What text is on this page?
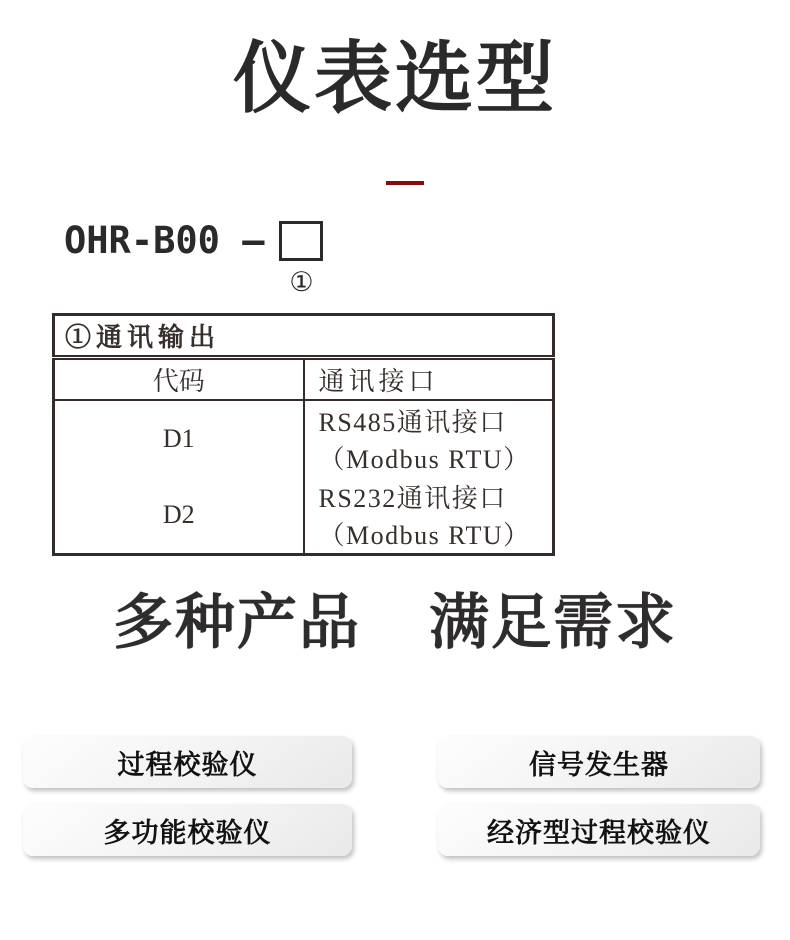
仪表选型
OHR-B00 —
①
①通讯输出	
代码	通讯接口
D1	RS485通讯接口（Modbus RTU）
D2	RS232通讯接口（Modbus RTU）
多种产品 满足需求
过程校验仪	信号发生器
多功能校验仪	经济型过程校验仪
